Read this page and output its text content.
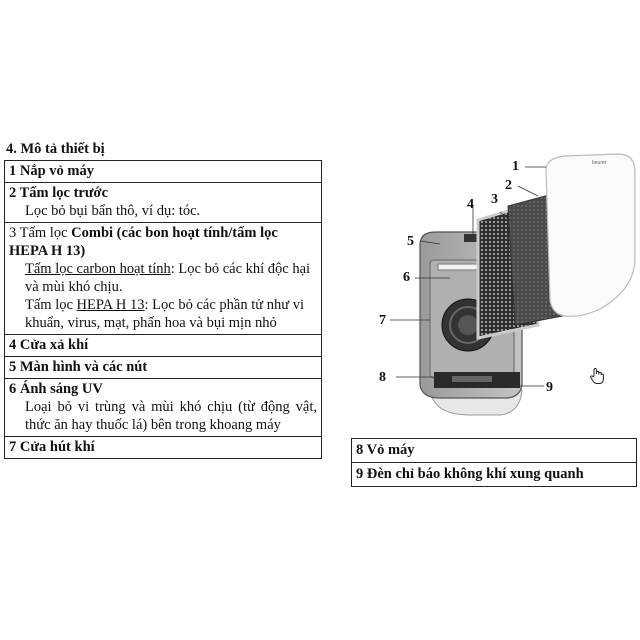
4. Mô tả thiết bị
1 Nắp vỏ máy

2 Tấm lọc trước
Lọc bỏ bụi bẩn thô, ví dụ: tóc.

3 Tấm lọc Combi (các bon hoạt tính/tấm lọc HEPA H 13)
Tấm lọc carbon hoạt tính: Lọc bỏ các khí độc hại và mùi khó chịu.
Tấm lọc HEPA H 13: Lọc bỏ các phần tử như vi khuẩn, virus, mạt, phấn hoa và bụi mịn nhỏ

4 Cửa xả khí
5 Màn hình và các nút

6 Ánh sáng UV
Loại bỏ vi trùng và mùi khó chịu (từ động vật, thức ăn hay thuốc lá) bên trong khoang máy

7 Cửa hút khí	8 Vỏ máy
9 Đèn chỉ báo không khí xung quanh
beurer
1
2
3
4
5
6
7
8
9
